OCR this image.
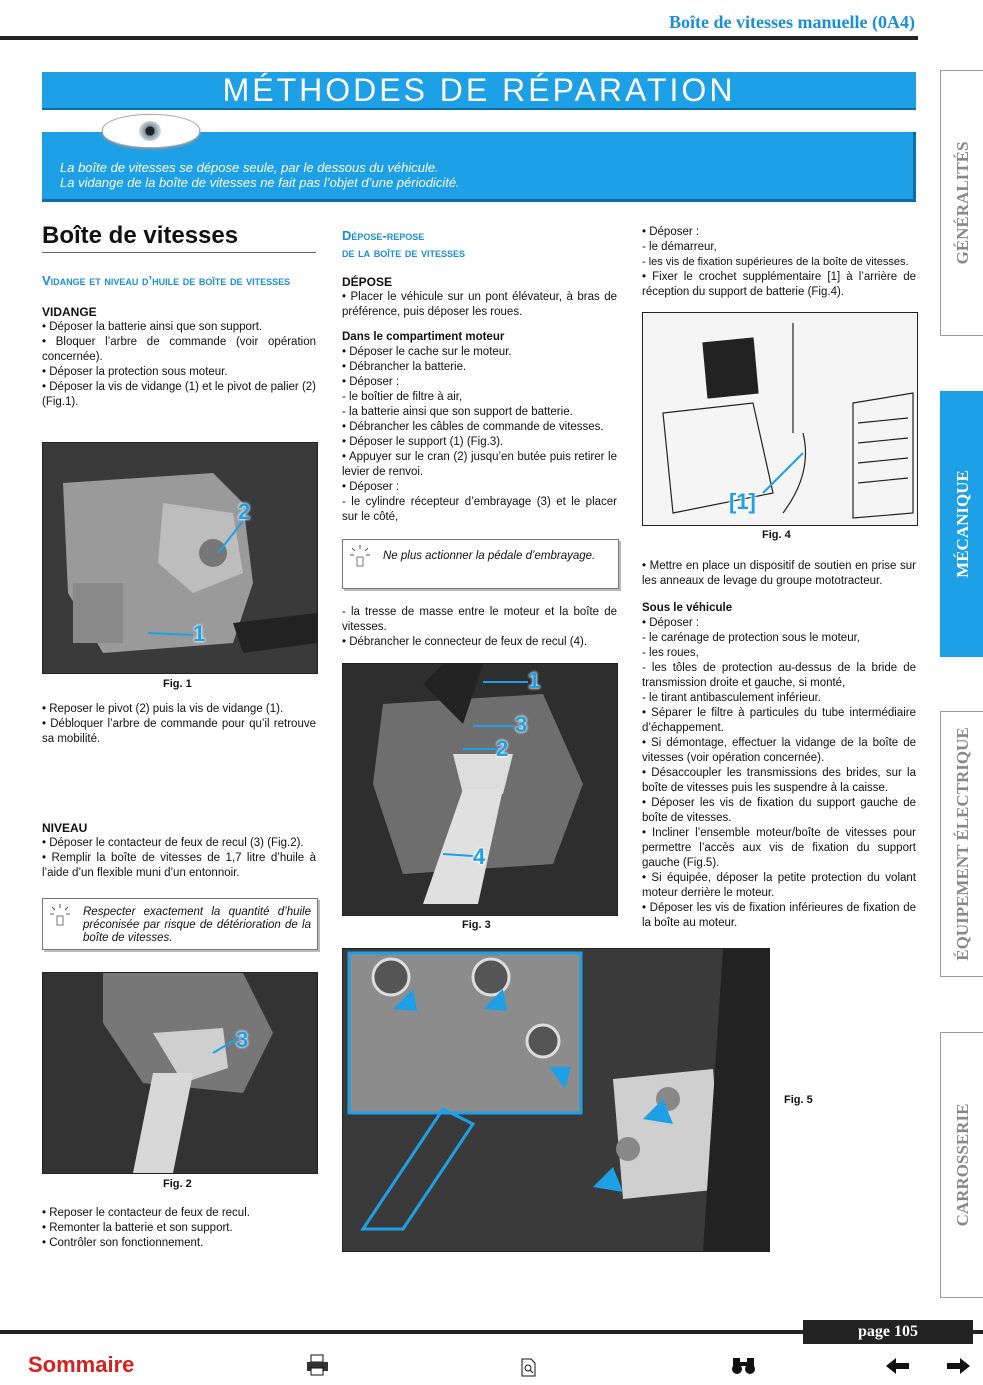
Boîte de vitesses manuelle (0A4)
MÉTHODES DE RÉPARATION

La boîte de vitesses se dépose seule, par le dessous du véhicule.

La vidange de la boîte de vitesses ne fait pas l’objet d’une périodicité.

Boîte de vitesses
Vidange et niveau d’huile de boîte de vitesses
VIDANGE

• Déposer la batterie ainsi que son support.

• Bloquer l’arbre de commande (voir opération concernée).

• Déposer la protection sous moteur.

• Déposer la vis de vidange (1) et le pivot de palier (2) (Fig.1).

2
1
Fig. 1

• Reposer le pivot (2) puis la vis de vidange (1).

• Débloquer l’arbre de commande pour qu’il retrouve sa mobilité.

NIVEAU

• Déposer le contacteur de feux de recul (3) (Fig.2).

• Remplir la boîte de vitesses de 1,7 litre d’huile à l’aide d’un flexible muni d’un entonnoir.

Respecter exactement la quantité d’huile préconisée par risque de détérioration de la boîte de vitesses.
3
Fig. 2

• Reposer le contacteur de feux de recul.

• Remonter la batterie et son support.

• Contrôler son fonctionnement.

Dépose-repose
de la boîte de vitesses
DÉPOSE

• Placer le véhicule sur un pont élévateur, à bras de préférence, puis déposer les roues.

Dans le compartiment moteur

• Déposer le cache sur le moteur.

• Débrancher la batterie.

• Déposer :

- le boîtier de filtre à air,

- la batterie ainsi que son support de batterie.

• Débrancher les câbles de commande de vitesses.

• Déposer le support (1) (Fig.3).

• Appuyer sur le cran (2) jusqu’en butée puis retirer le levier de renvoi.

• Déposer :

- le cylindre récepteur d’embrayage (3) et le placer sur le côté,

Ne plus actionner la pédale d’embrayage.

- la tresse de masse entre le moteur et la boîte de vitesses.

• Débrancher le connecteur de feux de recul (4).

1
3
2
4
Fig. 3

• Déposer :

- le démarreur,

- les vis de fixation supérieures de la boîte de vitesses.

• Fixer le crochet supplémentaire [1] à l’arrière de réception du support de batterie (Fig.4).

[1]
Fig. 4

• Mettre en place un dispositif de soutien en prise sur les anneaux de levage du groupe mototracteur.

Sous le véhicule

• Déposer :

- le carénage de protection sous le moteur,

- les roues,

- les tôles de protection au-dessus de la bride de transmission droite et gauche, si monté,

- le tirant antibasculement inférieur.

• Séparer le filtre à particules du tube intermédiaire d’échappement.

• Si démontage, effectuer la vidange de la boîte de vitesses (voir opération concernée).

• Désaccoupler les transmissions des brides, sur la boîte de vitesses puis les suspendre à la caisse.

• Déposer les vis de fixation du support gauche de boîte de vitesses.

• Incliner l’ensemble moteur/boîte de vitesses pour permettre l’accès aux vis de fixation du support gauche (Fig.5).

• Si équipée, déposer la petite protection du volant moteur derrière le moteur.

• Déposer les vis de fixation inférieures de fixation de la boîte au moteur.

Fig. 5
GÉNÉRALITÉS
MÉCANIQUE
ÉQUIPEMENT ÉLECTRIQUE
CARROSSERIE
page 105
Sommaire
